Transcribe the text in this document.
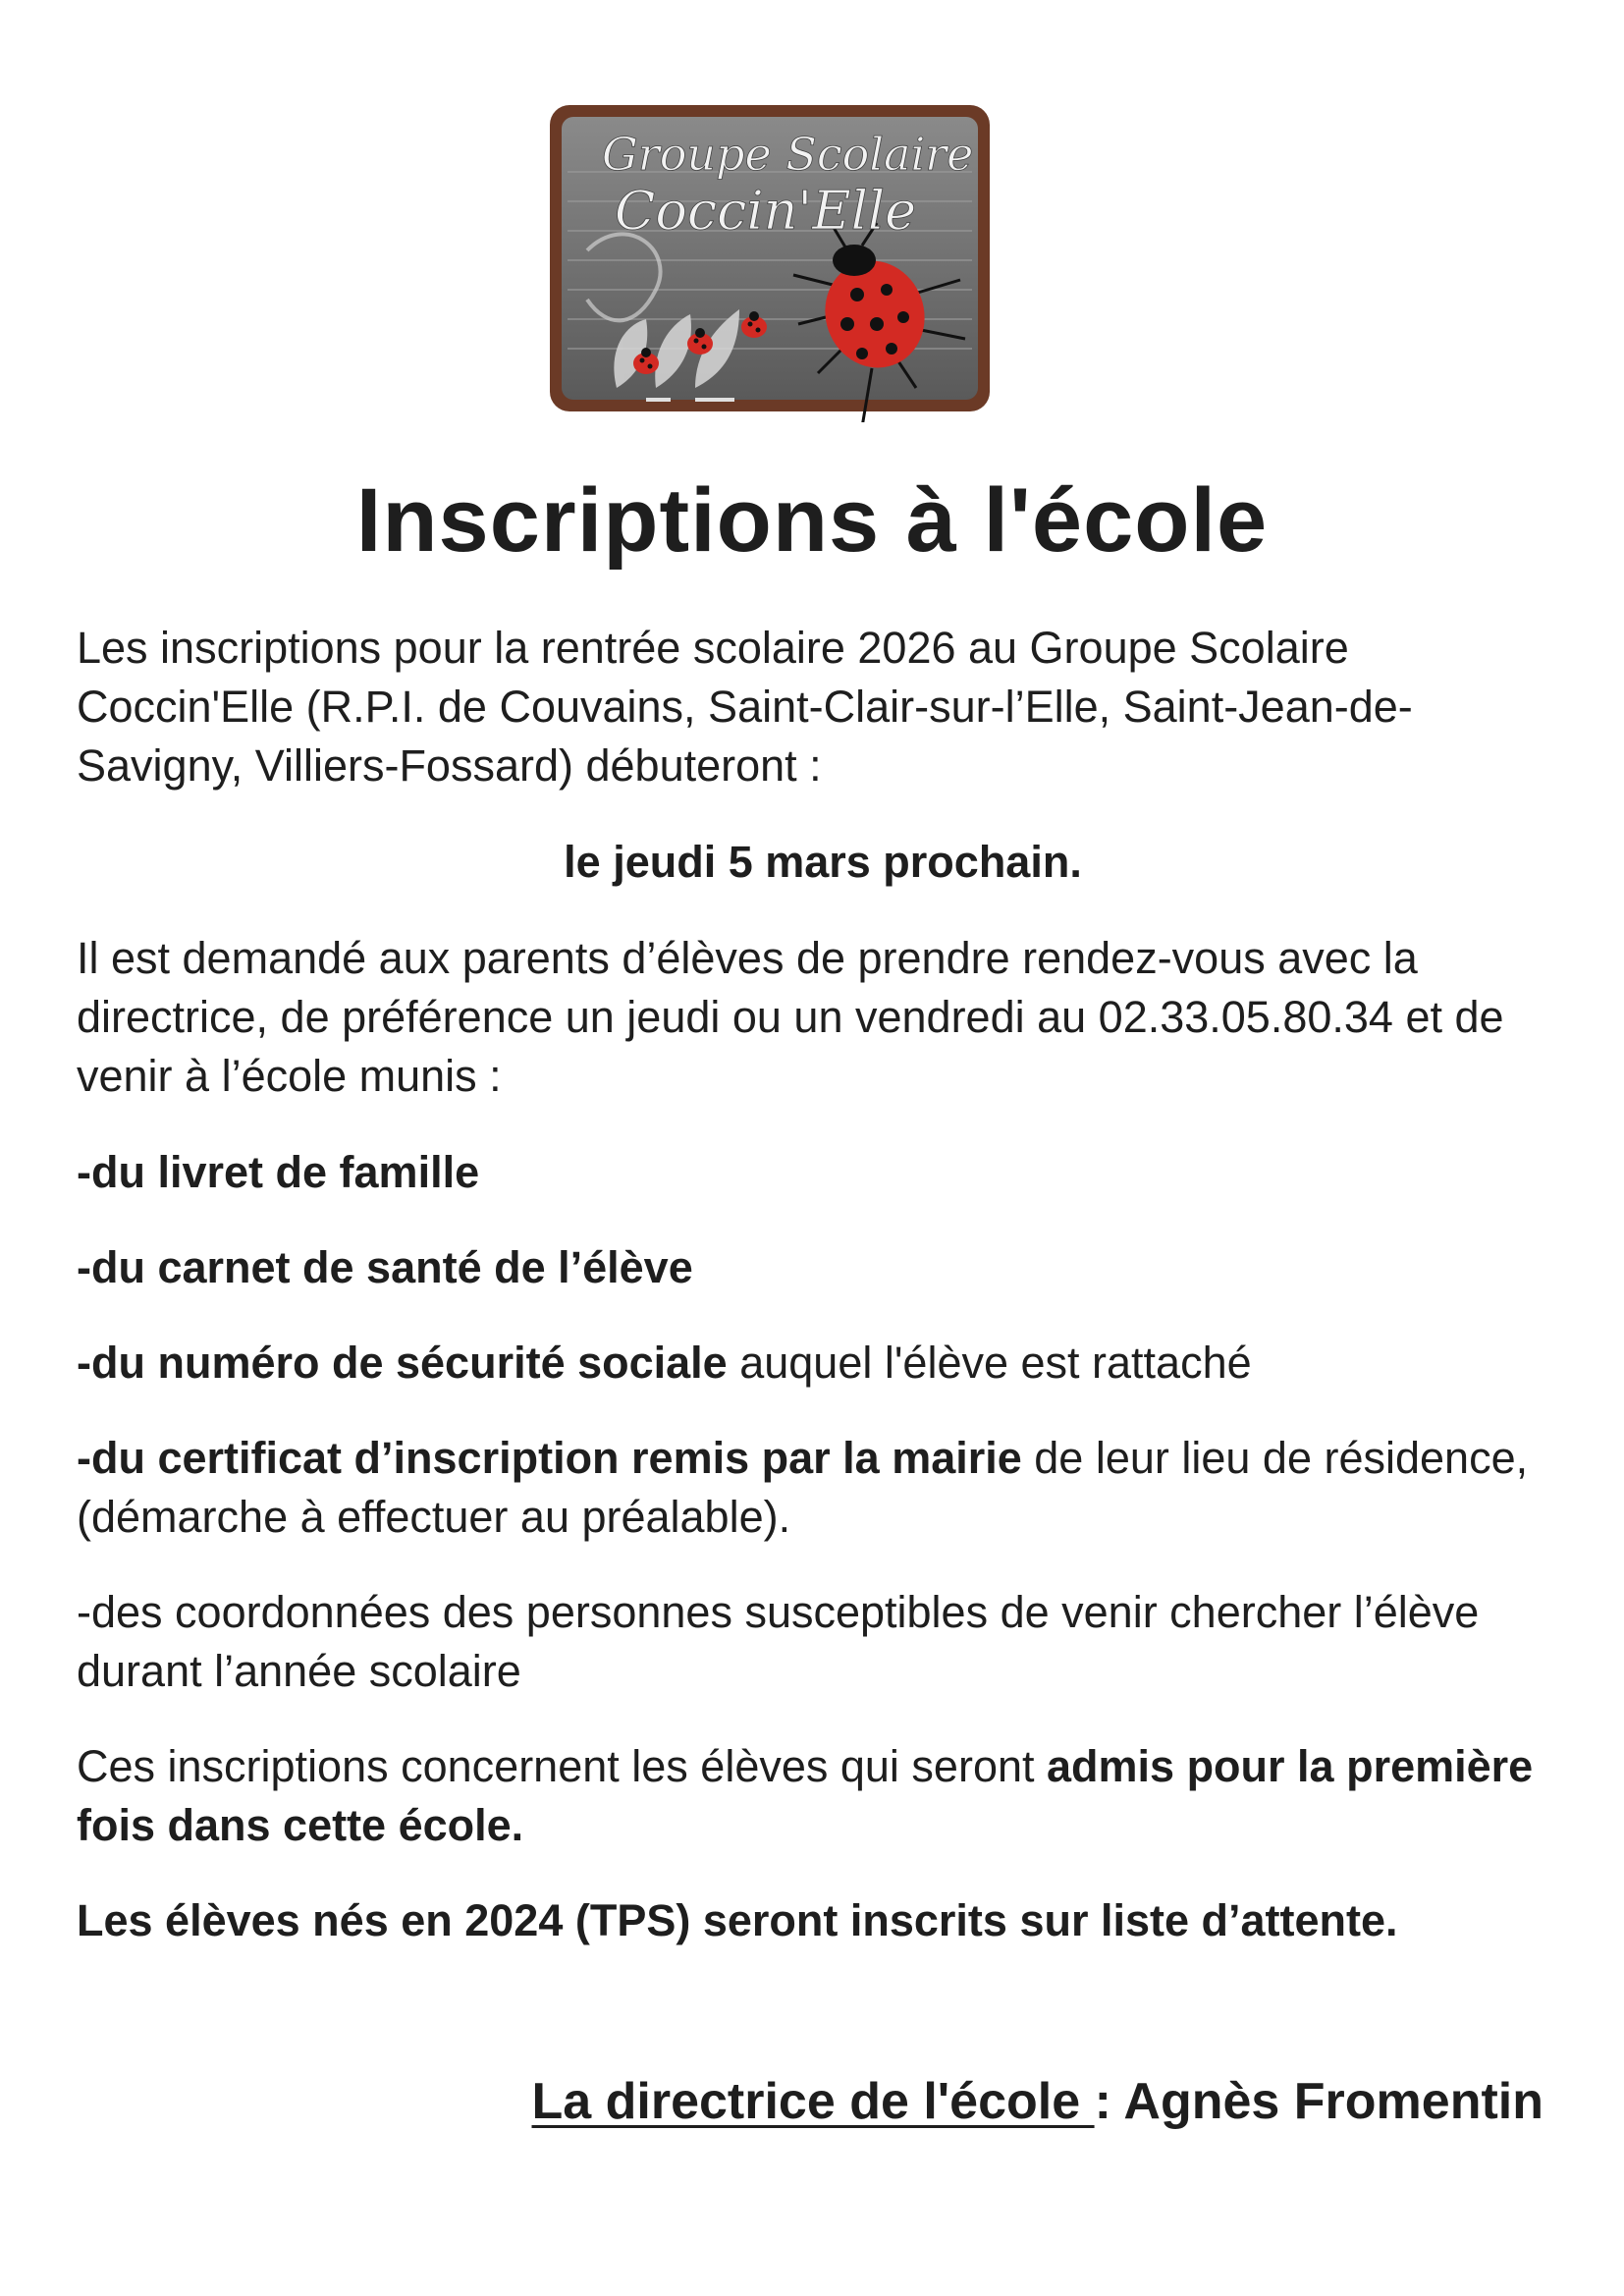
Groupe Scolaire
Coccin'Elle
Inscriptions à l'école

Les inscriptions pour la rentrée scolaire 2026 au Groupe Scolaire Coccin'Elle (R.P.I. de Couvains, Saint-Clair-sur-l’Elle, Saint-Jean-de-Savigny, Villiers-Fossard) débuteront :

le jeudi 5 mars prochain.

Il est demandé aux parents d’élèves de prendre rendez-vous avec la directrice, de préférence un jeudi ou un vendredi au 02.33.05.80.34 et de venir à l’école munis :

-du livret de famille

-du carnet de santé de l’élève

-du numéro de sécurité sociale auquel l'élève est rattaché

-du certificat d’inscription remis par la mairie de leur lieu de résidence, (démarche à effectuer au préalable).

-des coordonnées des personnes susceptibles de venir chercher l’élève durant l’année scolaire

Ces inscriptions concernent les élèves qui seront admis pour la première fois dans cette école.

Les élèves nés en 2024 (TPS) seront inscrits sur liste d’attente.

La directrice de l'école : Agnès Fromentin
